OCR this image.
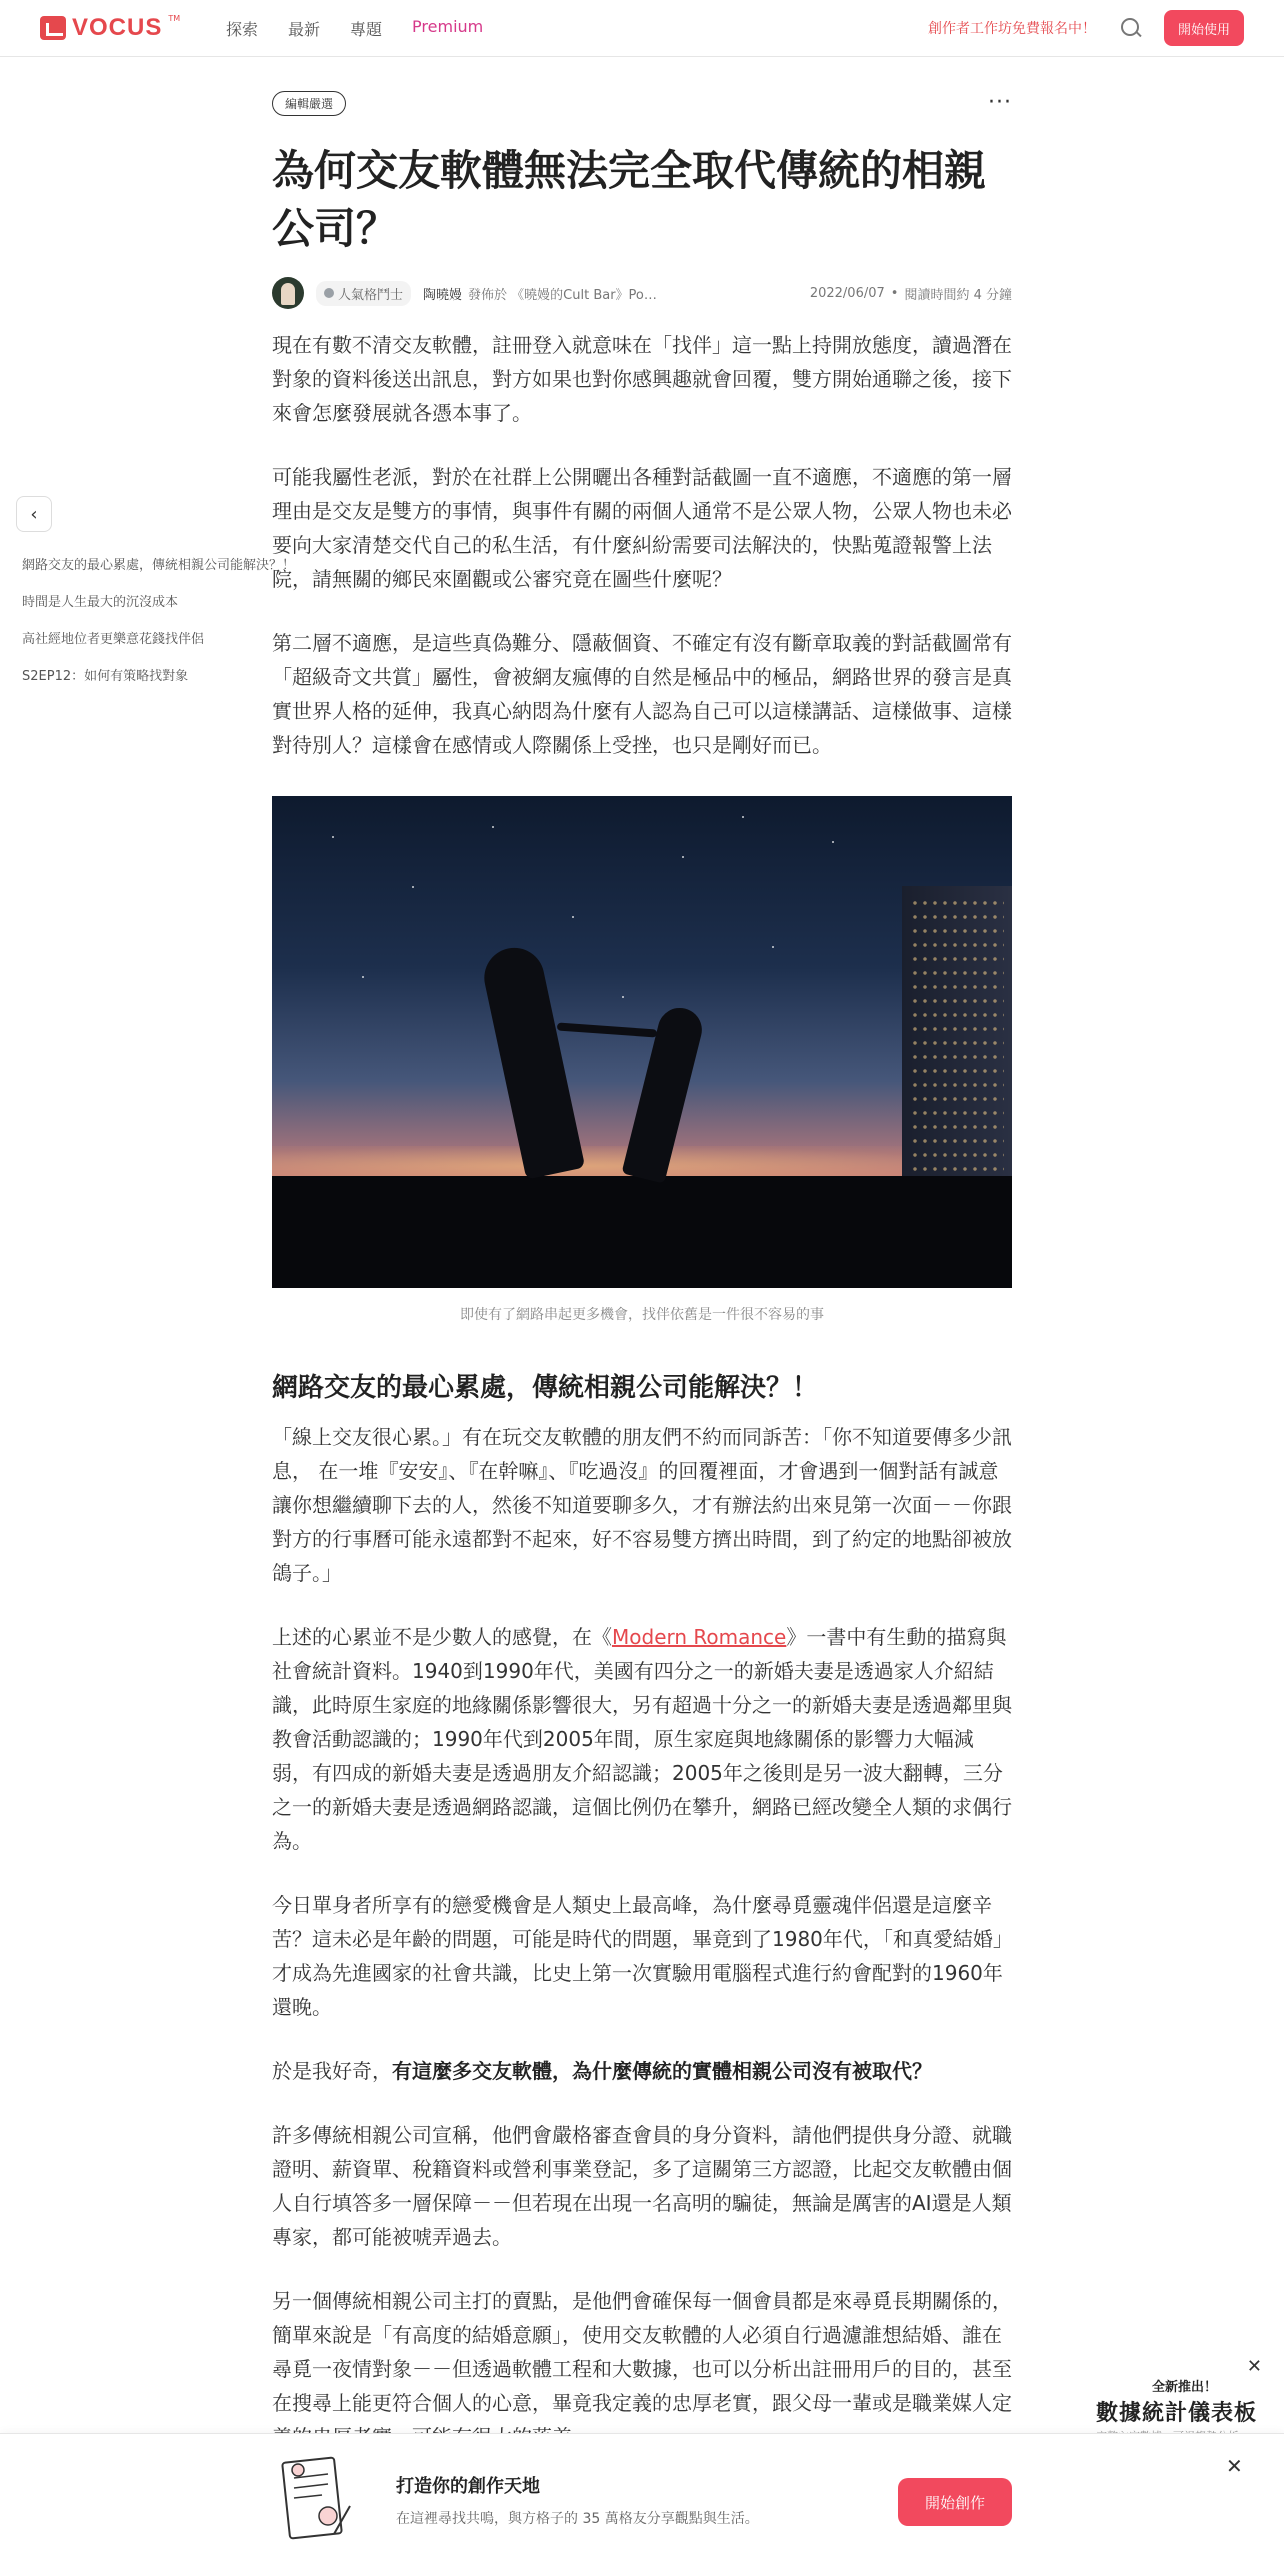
VOCUS TM
探索 最新 專題 Premium	創作者工作坊免費報名中！	開始使用
‹
網路交友的最心累處，傳統相親公司能解決？！
時間是人生最大的沉沒成本
高社經地位者更樂意花錢找伴侶
S2EP12：如何有策略找對象
編輯嚴選	···
為何交友軟體無法完全取代傳統的相親公司？
人氣格鬥士 陶曉嫚 發佈於 《曉嫚的Cult Bar》Po…	2022/06/07 • 閱讀時間約 4 分鐘

現在有數不清交友軟體，註冊登入就意味在「找伴」這一點上持開放態度，讀過潛在對象的資料後送出訊息，對方如果也對你感興趣就會回覆，雙方開始通聯之後，接下來會怎麼發展就各憑本事了。

可能我屬性老派，對於在社群上公開曬出各種對話截圖一直不適應，不適應的第一層理由是交友是雙方的事情，與事件有關的兩個人通常不是公眾人物，公眾人物也未必要向大家清楚交代自己的私生活，有什麼糾紛需要司法解決的，快點蒐證報警上法院，請無關的鄉民來圍觀或公審究竟在圖些什麼呢？

第二層不適應，是這些真偽難分、隱蔽個資、不確定有沒有斷章取義的對話截圖常有「超級奇文共賞」屬性，會被網友瘋傳的自然是極品中的極品，網路世界的發言是真實世界人格的延伸，我真心納悶為什麼有人認為自己可以這樣講話、這樣做事、這樣對待別人？這樣會在感情或人際關係上受挫，也只是剛好而已。

即使有了網路串起更多機會，找伴依舊是一件很不容易的事

網路交友的最心累處，傳統相親公司能解決？！

「線上交友很心累。」有在玩交友軟體的朋友們不約而同訴苦：「你不知道要傳多少訊息， 在一堆『安安』、『在幹嘛』、『吃過沒』的回覆裡面，才會遇到一個對話有誠意讓你想繼續聊下去的人，然後不知道要聊多久，才有辦法約出來見第一次面－－你跟對方的行事曆可能永遠都對不起來，好不容易雙方擠出時間，到了約定的地點卻被放鴿子。」

上述的心累並不是少數人的感覺，在《Modern Romance》一書中有生動的描寫與社會統計資料。1940到1990年代，美國有四分之一的新婚夫妻是透過家人介紹結識，此時原生家庭的地緣關係影響很大，另有超過十分之一的新婚夫妻是透過鄰里與教會活動認識的；1990年代到2005年間，原生家庭與地緣關係的影響力大幅減弱，有四成的新婚夫妻是透過朋友介紹認識；2005年之後則是另一波大翻轉，三分之一的新婚夫妻是透過網路認識，這個比例仍在攀升，網路已經改變全人類的求偶行為。

今日單身者所享有的戀愛機會是人類史上最高峰，為什麼尋覓靈魂伴侶還是這麼辛苦？這未必是年齡的問題，可能是時代的問題，畢竟到了1980年代，「和真愛結婚」才成為先進國家的社會共識，比史上第一次實驗用電腦程式進行約會配對的1960年還晚。

於是我好奇，有這麼多交友軟體，為什麼傳統的實體相親公司沒有被取代？

許多傳統相親公司宣稱，他們會嚴格審查會員的身分資料，請他們提供身分證、就職證明、薪資單、稅籍資料或營利事業登記，多了這關第三方認證，比起交友軟體由個人自行填答多一層保障－－但若現在出現一名高明的騙徒，無論是厲害的AI還是人類專家，都可能被唬弄過去。

另一個傳統相親公司主打的賣點，是他們會確保每一個會員都是來尋覓長期關係的，簡單來說是「有高度的結婚意願」，使用交友軟體的人必須自行過濾誰想結婚、誰在尋覓一夜情對象－－但透過軟體工程和大數據，也可以分析出註冊用戶的目的，甚至在搜尋上能更符合個人的心意，畢竟我定義的忠厚老實，跟父母一輩或是職業媒人定

✕
全新推出！
數據統計儀表板
打造你的創作天地
在這裡尋找共鳴，與方格子的 35 萬格友分享觀點與生活。
開始創作
✕
